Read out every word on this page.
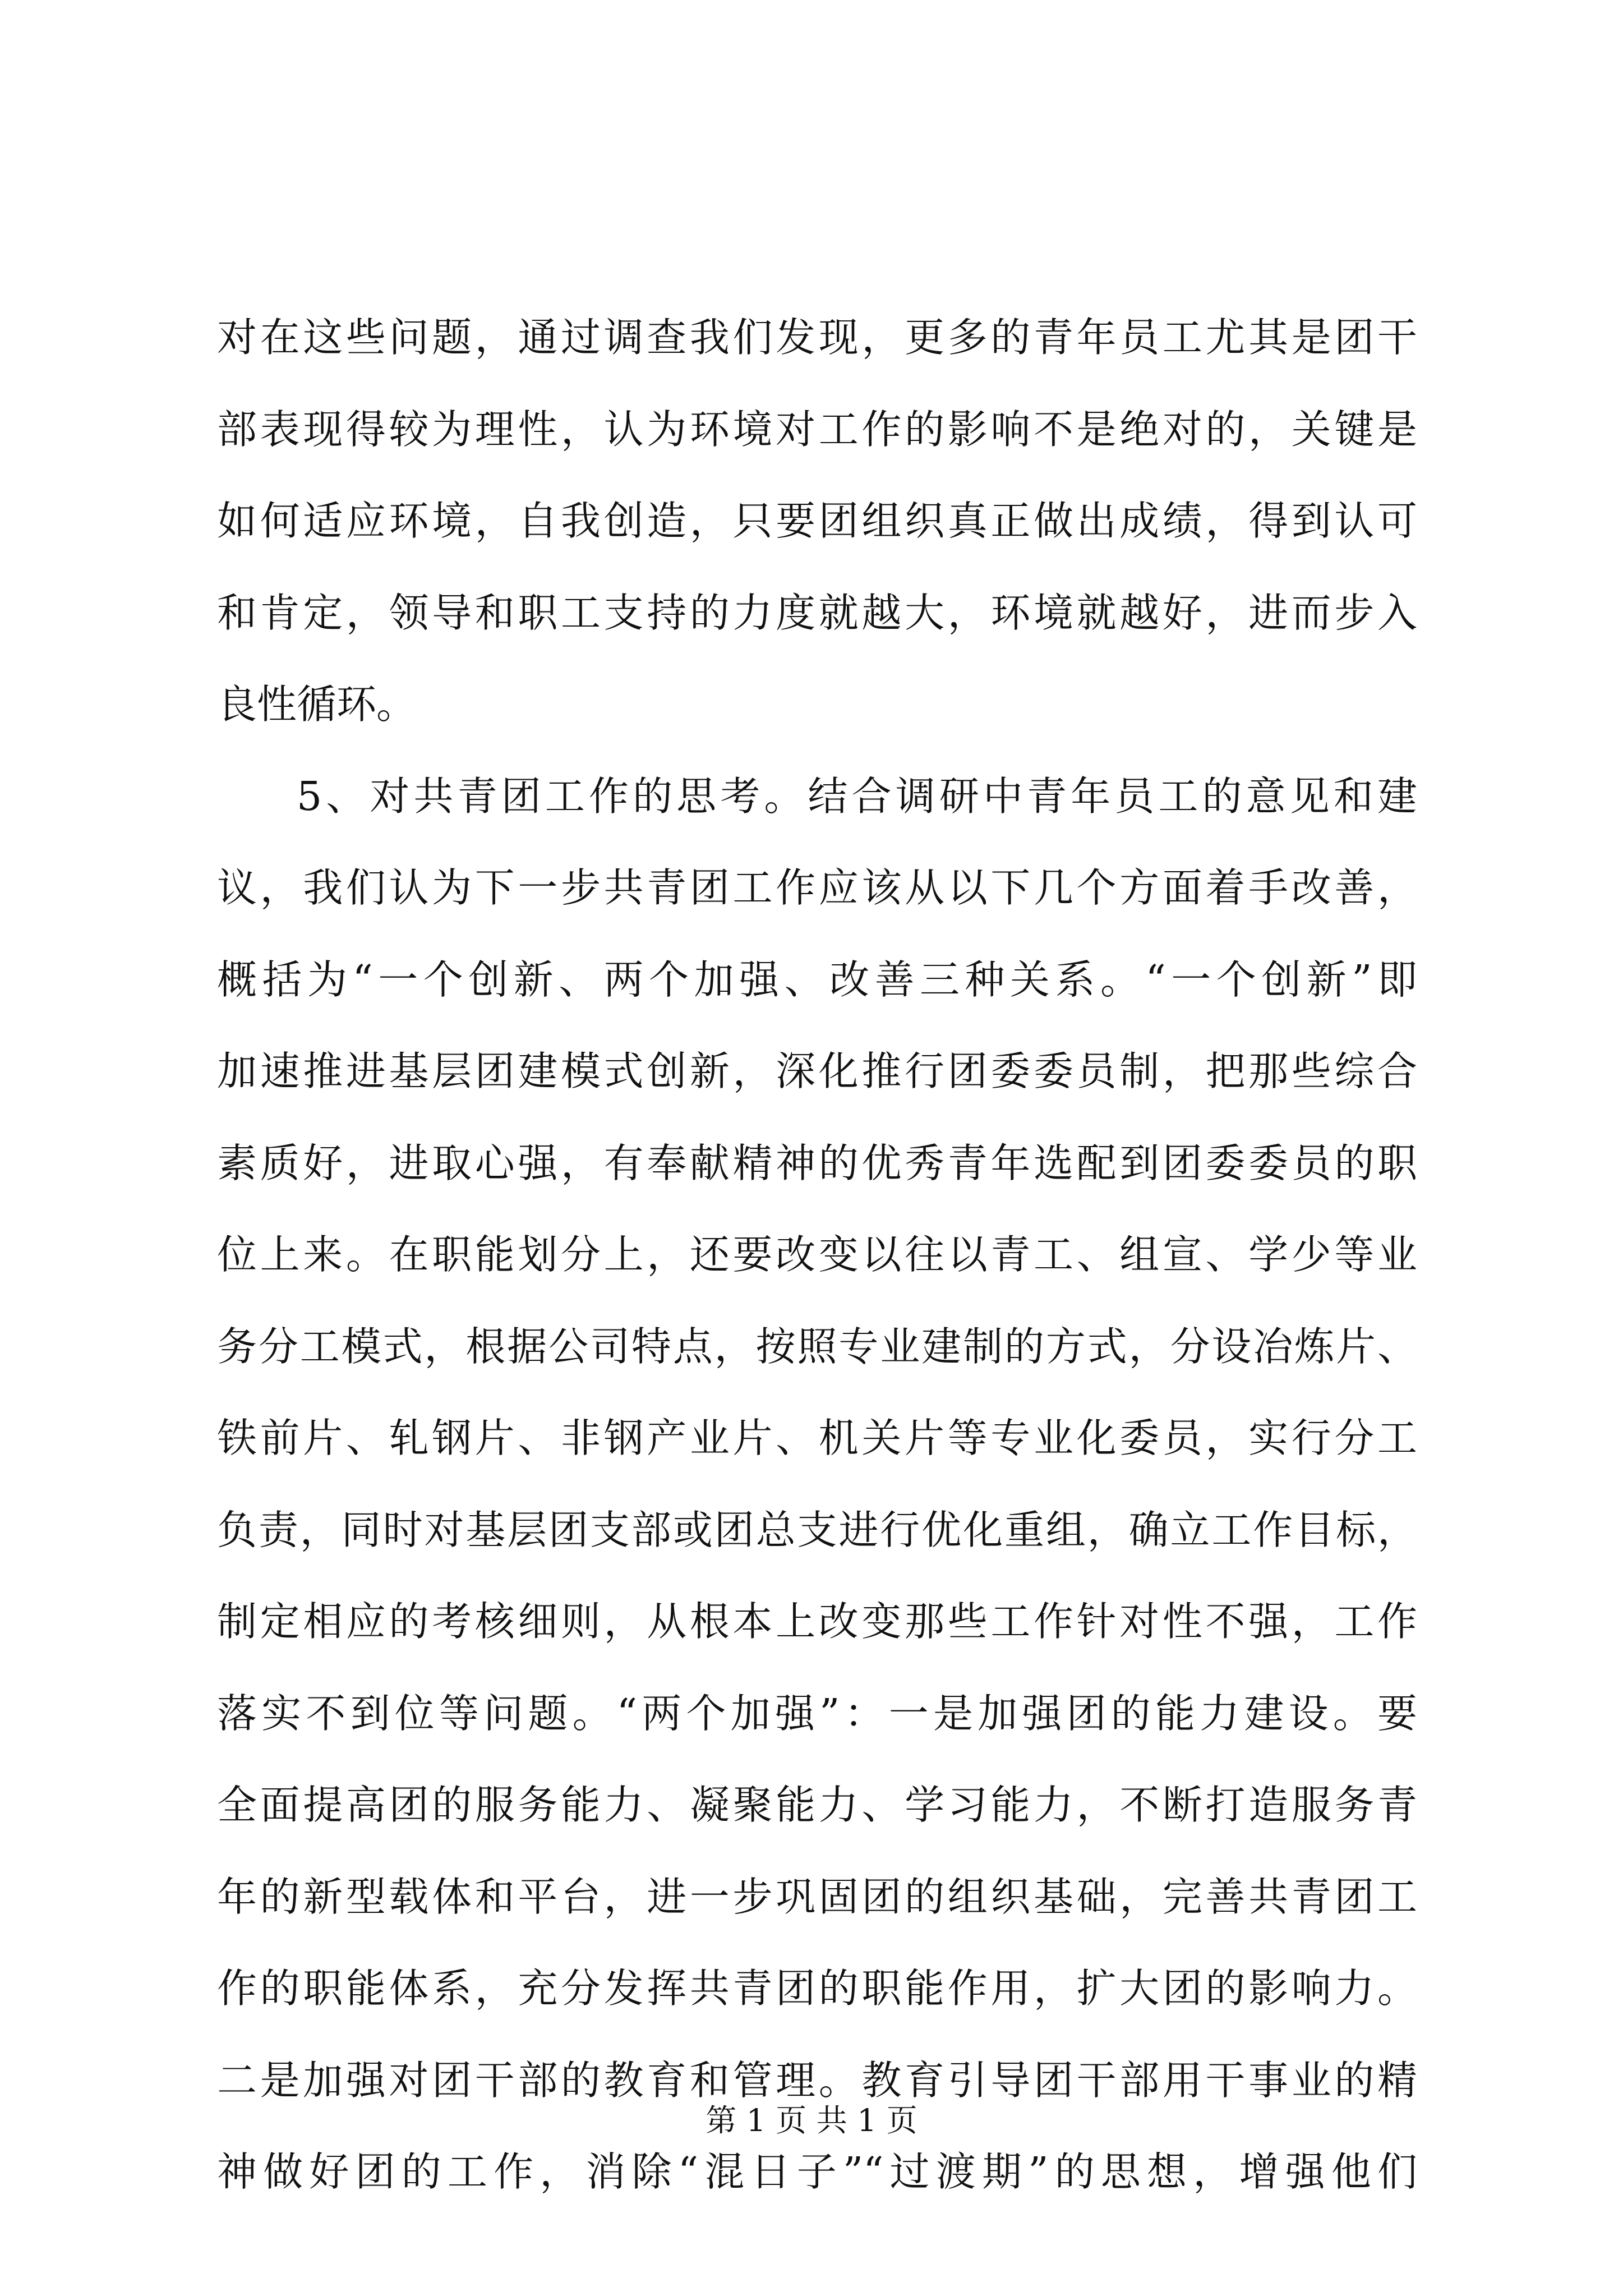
对在这些问题，通过调查我们发现，更多的青年员工尤其是团干
部表现得较为理性，认为环境对工作的影响不是绝对的，关键是
如何适应环境，自我创造，只要团组织真正做出成绩，得到认可
和肯定，领导和职工支持的力度就越大，环境就越好，进而步入
良性循环。
5、对共青团工作的思考。结合调研中青年员工的意见和建
议，我们认为下一步共青团工作应该从以下几个方面着手改善，
概括为“一个创新、两个加强、改善三种关系。“一个创新”即
加速推进基层团建模式创新，深化推行团委委员制，把那些综合
素质好，进取心强，有奉献精神的优秀青年选配到团委委员的职
位上来。在职能划分上，还要改变以往以青工、组宣、学少等业
务分工模式，根据公司特点，按照专业建制的方式，分设冶炼片、
铁前片、轧钢片、非钢产业片、机关片等专业化委员，实行分工
负责，同时对基层团支部或团总支进行优化重组，确立工作目标，
制定相应的考核细则，从根本上改变那些工作针对性不强，工作
落实不到位等问题。“两个加强”：一是加强团的能力建设。要
全面提高团的服务能力、凝聚能力、学习能力，不断打造服务青
年的新型载体和平台，进一步巩固团的组织基础，完善共青团工
作的职能体系，充分发挥共青团的职能作用，扩大团的影响力。
二是加强对团干部的教育和管理。教育引导团干部用干事业的精
神做好团的工作，消除“混日子”“过渡期”的思想，增强他们
第 1 页 共 1 页
